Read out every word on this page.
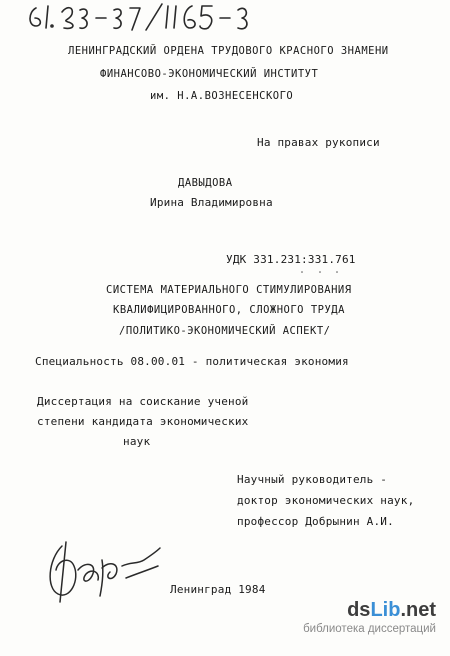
ЛЕНИНГРАДСКИЙ ОРДЕНА ТРУДОВОГО КРАСНОГО ЗНАМЕНИ
ФИНАНСОВО-ЭКОНОМИЧЕСКИЙ ИНСТИТУТ
им. Н.А.ВОЗНЕСЕНСКОГО
На правах рукописи
ДАВЫДОВА
Ирина Владимировна
УДК 331.231:331.761
СИСТЕМА МАТЕРИАЛЬНОГО СТИМУЛИРОВАНИЯ
КВАЛИФИЦИРОВАННОГО, СЛОЖНОГО ТРУДА
/ПОЛИТИКО-ЭКОНОМИЧЕСКИЙ АСПЕКТ/
Специальность 08.00.01 - политическая экономия
Диссертация на соискание ученой
степени кандидата экономических
наук
Научный руководитель -
доктор экономических наук,
профессор Добрынин А.И.
Ленинград 1984
dsLib.net
библиотека диссертаций
